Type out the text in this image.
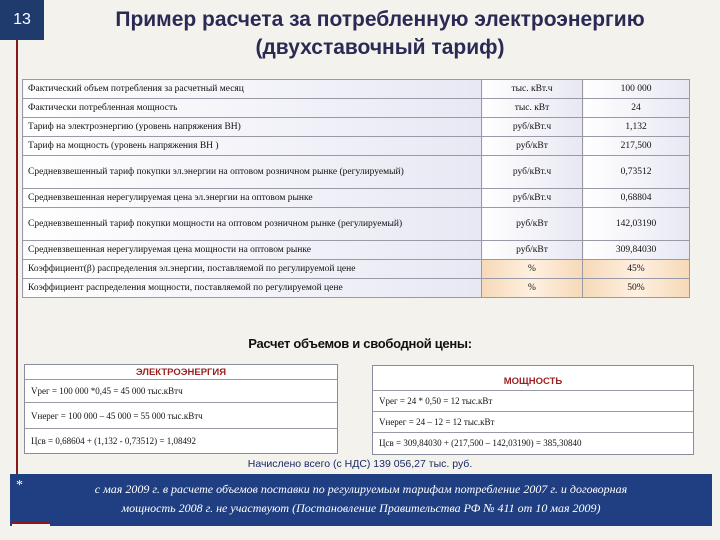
13	Пример расчета за потребленную электроэнергию
(двухставочный тариф)
Фактический объем потребления за расчетный месяц	тыс. кВт.ч	100 000
Фактически потребленная мощность	тыс. кВт	24
Тариф на электроэнергию (уровень напряжения ВН)	руб/кВт.ч	1,132
Тариф на мощность (уровень напряжения ВН )	руб/кВт	217,500
Средневзвешенный тариф покупки эл.энергии на оптовом розничном рынке (регулируемый)	руб/кВт.ч	0,73512
Средневзвешенная нерегулируемая цена эл.энергии на оптовом рынке	руб/кВт.ч	0,68804
Средневзвешенный тариф покупки мощности на оптовом розничном рынке (регулируемый)	руб/кВт	142,03190
Средневзвешенная нерегулируемая цена мощности на оптовом рынке	руб/кВт	309,84030
Коэффициент(β) распределения эл.энергии, поставляемой по регулируемой цене	%	45%
Коэффициент распределения мощности, поставляемой по регулируемой цене	%	50%
Расчет объемов и свободной цены:
ЭЛЕКТРОЭНЕРГИЯ
Vрег = 100 000 *0,45 = 45 000 тыс.кВтч
Vнерег = 100 000 – 45 000 = 55 000 тыс.кВтч
Цсв = 0,68604 + (1,132 - 0,73512) = 1,08492
МОЩНОСТЬ
Vрег = 24 * 0,50 = 12 тыс.кВт
Vнерег = 24 – 12 = 12 тыс.кВт
Цсв = 309,84030 + (217,500 – 142,03190) = 385,30840
Начислено всего (с НДС) 139 056,27 тыс. руб.
*	с мая 2009 г. в расчете объемов поставки по регулируемым тарифам потребление 2007 г. и договорная
мощность 2008 г. не участвуют (Постановление Правительства РФ № 411 от 10 мая 2009)
